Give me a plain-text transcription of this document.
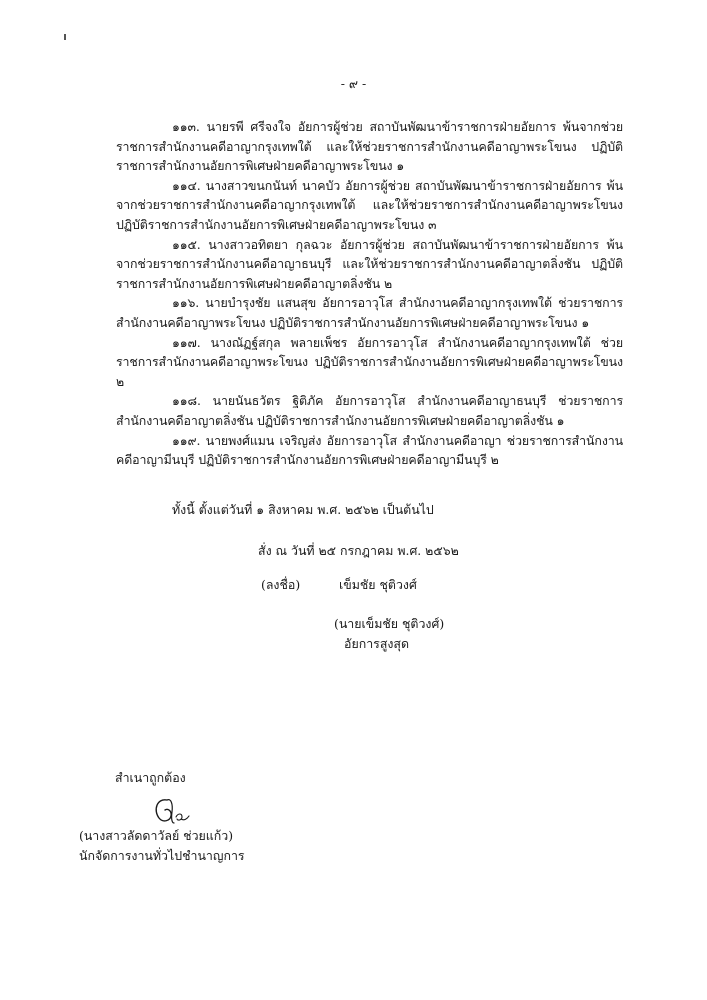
- ๙ -

๑๑๓. นายรพี ศรีจงใจ อัยการผู้ช่วย สถาบันพัฒนาข้าราชการฝ่ายอัยการ พ้นจากช่วยราชการสำนักงานคดีอาญากรุงเทพใต้ และให้ช่วยราชการสำนักงานคดีอาญาพระโขนง ปฏิบัติราชการสำนักงานอัยการพิเศษฝ่ายคดีอาญาพระโขนง ๑

๑๑๔. นางสาวขนกนันท์ นาคบัว อัยการผู้ช่วย สถาบันพัฒนาข้าราชการฝ่ายอัยการ พ้นจากช่วยราชการสำนักงานคดีอาญากรุงเทพใต้ และให้ช่วยราชการสำนักงานคดีอาญาพระโขนง ปฏิบัติราชการสำนักงานอัยการพิเศษฝ่ายคดีอาญาพระโขนง ๓

๑๑๕. นางสาวอทิตยา กุลฉวะ อัยการผู้ช่วย สถาบันพัฒนาข้าราชการฝ่ายอัยการ พ้นจากช่วยราชการสำนักงานคดีอาญาธนบุรี และให้ช่วยราชการสำนักงานคดีอาญาตลิ่งชัน ปฏิบัติราชการสำนักงานอัยการพิเศษฝ่ายคดีอาญาตลิ่งชัน ๒

๑๑๖. นายบำรุงชัย แสนสุข อัยการอาวุโส สำนักงานคดีอาญากรุงเทพใต้ ช่วยราชการสำนักงานคดีอาญาพระโขนง ปฏิบัติราชการสำนักงานอัยการพิเศษฝ่ายคดีอาญาพระโขนง ๑

๑๑๗. นางณัฏฐ์สกุล พลายเพ็ชร อัยการอาวุโส สำนักงานคดีอาญากรุงเทพใต้ ช่วยราชการสำนักงานคดีอาญาพระโขนง ปฏิบัติราชการสำนักงานอัยการพิเศษฝ่ายคดีอาญาพระโขนง ๒

๑๑๘. นายนันธวัตร ฐิติภัค อัยการอาวุโส สำนักงานคดีอาญาธนบุรี ช่วยราชการสำนักงานคดีอาญาตลิ่งชัน ปฏิบัติราชการสำนักงานอัยการพิเศษฝ่ายคดีอาญาตลิ่งชัน ๑

๑๑๙. นายพงศ์แมน เจริญส่ง อัยการอาวุโส สำนักงานคดีอาญา ช่วยราชการสำนักงานคดีอาญามีนบุรี ปฏิบัติราชการสำนักงานอัยการพิเศษฝ่ายคดีอาญามีนบุรี ๒

ทั้งนี้ ตั้งแต่วันที่ ๑ สิงหาคม พ.ศ. ๒๕๖๒ เป็นต้นไป
สั่ง ณ วันที่ ๒๕ กรกฎาคม พ.ศ. ๒๕๖๒
(ลงชื่อ)	เข็มชัย ชุติวงศ์
(นายเข็มชัย ชุติวงศ์)
อัยการสูงสุด
สำเนาถูกต้อง
(นางสาวลัดดาวัลย์ ช่วยแก้ว)
นักจัดการงานทั่วไปชำนาญการ
